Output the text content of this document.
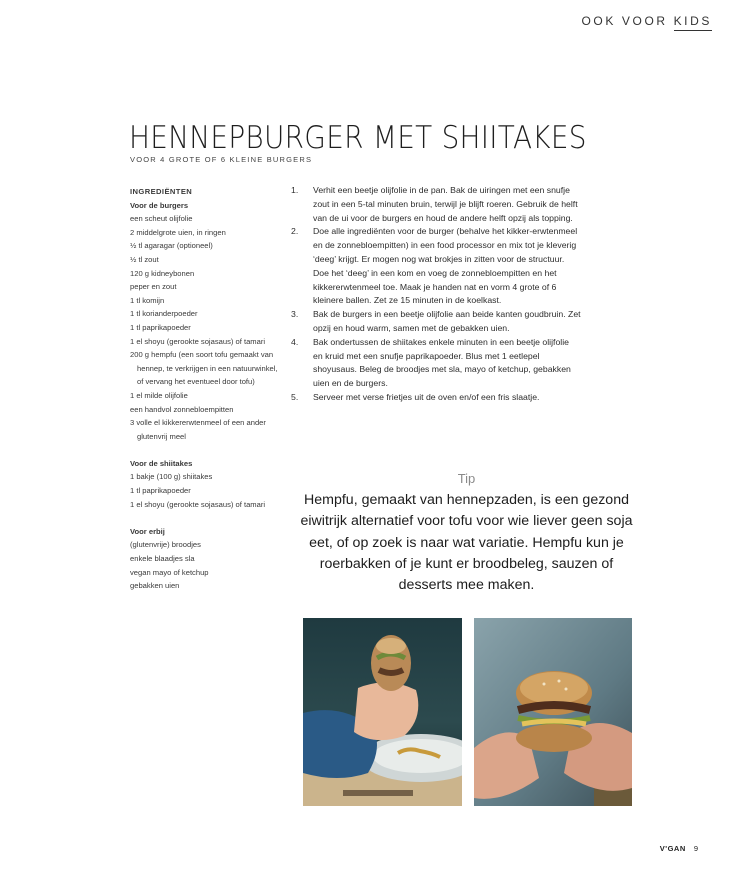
OOK VOOR KIDS
HENNEPBURGER MET SHIITAKES
VOOR 4 GROTE OF 6 KLEINE BURGERS
INGREDIËNTEN
Voor de burgers
een scheut olijfolie
2 middelgrote uien, in ringen
½ tl agaragar (optioneel)
½ tl zout
120 g kidneybonen
peper en zout
1 tl komijn
1 tl korianderpoeder
1 tl paprikapoeder
1 el shoyu (gerookte sojasaus) of tamari
200 g hempfu (een soort tofu gemaakt van hennep, te verkrijgen in een natuurwinkel, of vervang het eventueel door tofu)
1 el milde olijfolie
een handvol zonnebloempitten
3 volle el kikkererwtenmeel of een ander glutenvrij meel
Voor de shiitakes
1 bakje (100 g) shiitakes
1 tl paprikapoeder
1 el shoyu (gerookte sojasaus) of tamari
Voor erbij
(glutenvrije) broodjes
enkele blaadjes sla
vegan mayo of ketchup
gebakken uien
1. Verhit een beetje olijfolie in de pan. Bak de uiringen met een snufje zout in een 5-tal minuten bruin, terwijl je blijft roeren. Gebruik de helft van de ui voor de burgers en houd de andere helft opzij als topping.
2. Doe alle ingrediënten voor de burger (behalve het kikker-erwtenmeel en de zonnebloempitten) in een food processor en mix tot je kleverig ‘deeg’ krijgt. Er mogen nog wat brokjes in zitten voor de structuur. Doe het ‘deeg’ in een kom en voeg de zonnebloempitten en het kikkererwtenmeel toe. Maak je handen nat en vorm 4 grote of 6 kleinere ballen. Zet ze 15 minuten in de koelkast.
3. Bak de burgers in een beetje olijfolie aan beide kanten goudbruin. Zet opzij en houd warm, samen met de gebakken uien.
4. Bak ondertussen de shiitakes enkele minuten in een beetje olijfolie en kruid met een snufje paprikapoeder. Blus met 1 eetlepel shoyusaus. Beleg de broodjes met sla, mayo of ketchup, gebakken uien en de burgers.
5. Serveer met verse frietjes uit de oven en/of een fris slaatje.
Tip
Hempfu, gemaakt van hennepzaden, is een gezond eiwitrijk alternatief voor tofu voor wie liever geen soja eet, of op zoek is naar wat variatie. Hempfu kun je roerbakken of je kunt er broodbeleg, sauzen of desserts mee maken.
V'GAN 9
